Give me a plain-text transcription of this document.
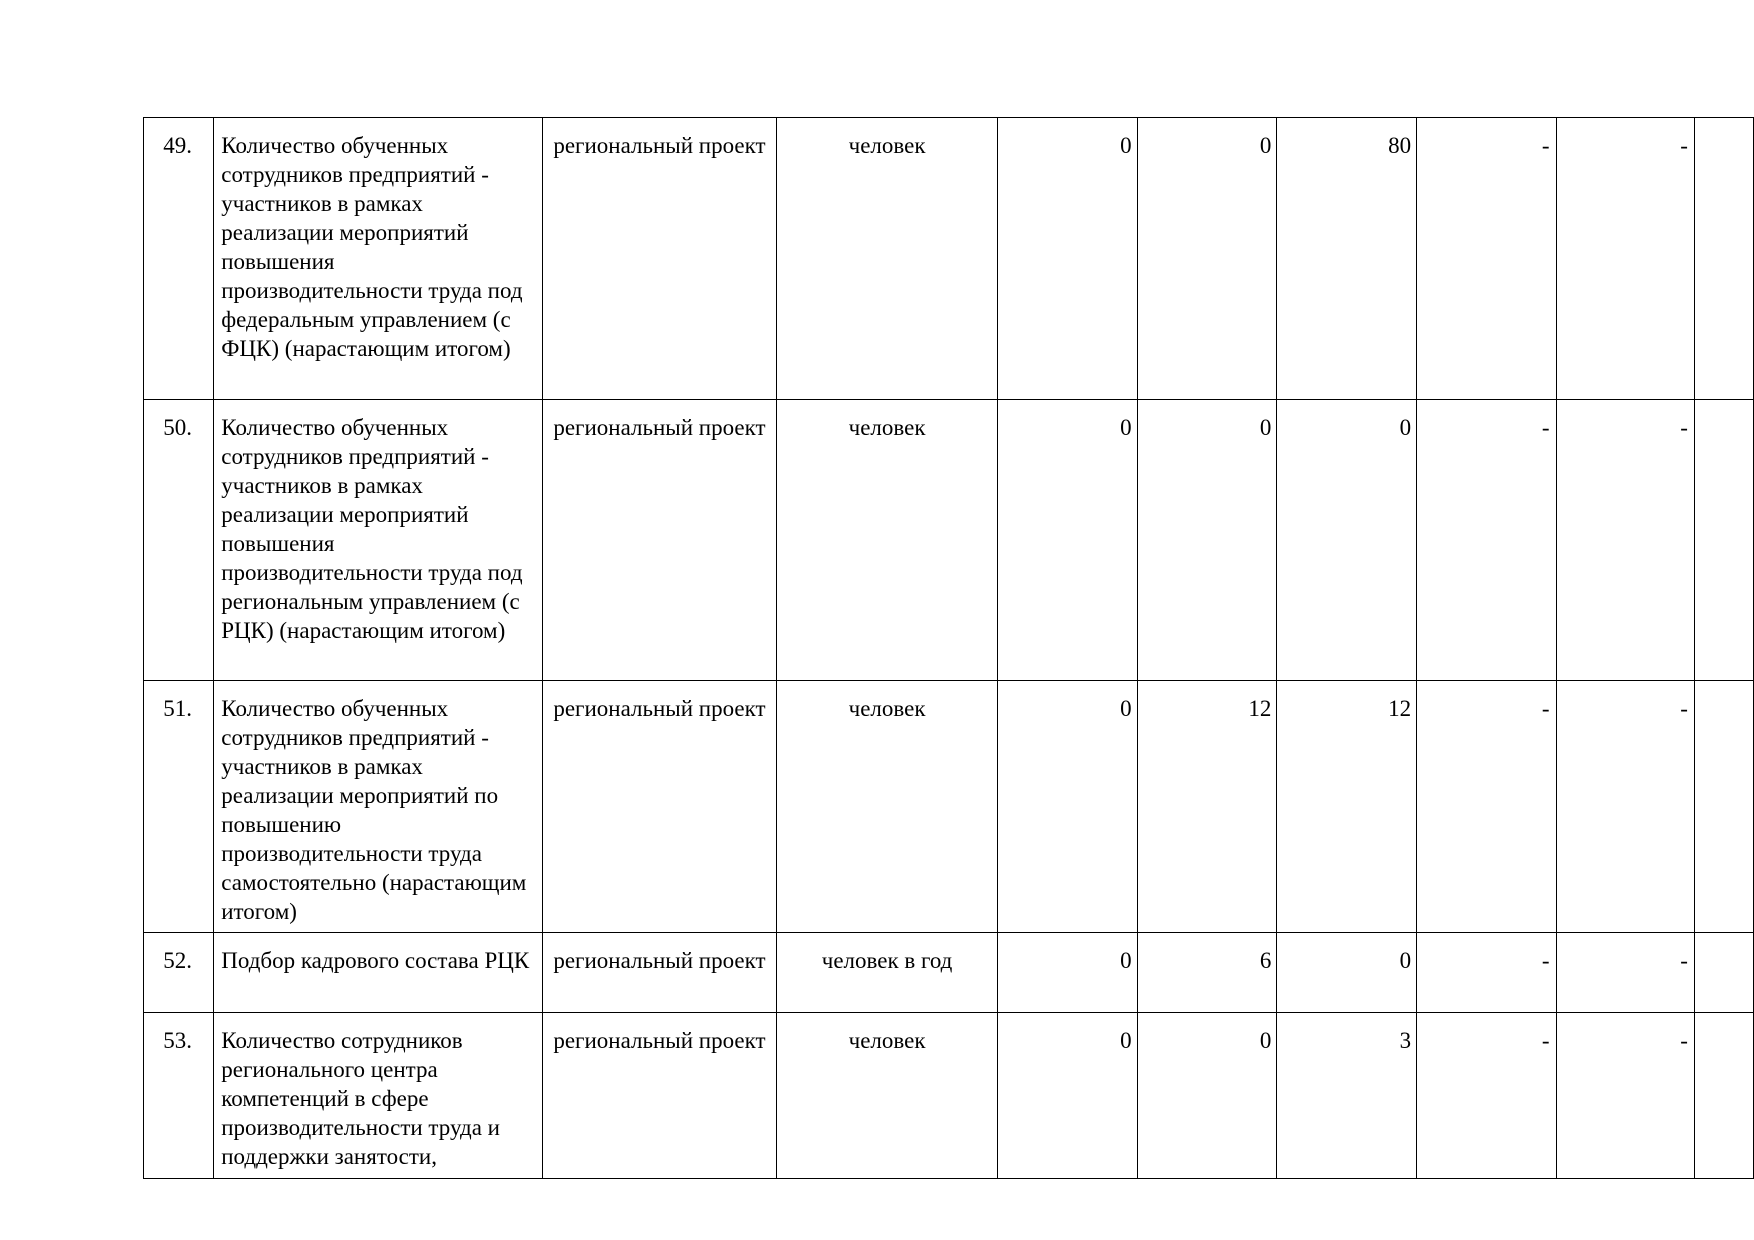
49.	Количество обученных сотрудников предприятий - участников в рамках реализации мероприятий повышения производительности труда под федеральным управлением (с ФЦК) (нарастающим итогом)	региональный проект	человек	0	0	80	-	-	
50.	Количество обученных сотрудников предприятий - участников в рамках реализации мероприятий повышения производительности труда под региональным управлением (с РЦК) (нарастающим итогом)	региональный проект	человек	0	0	0	-	-	
51.	Количество обученных сотрудников предприятий - участников в рамках реализации мероприятий по повышению производительности труда самостоятельно (нарастающим итогом)	региональный проект	человек	0	12	12	-	-	
52.	Подбор кадрового состава РЦК	региональный проект	человек в год	0	6	0	-	-	
53.	Количество сотрудников регионального центра компетенций в сфере производительности труда и поддержки занятости,	региональный проект	человек	0	0	3	-	-	
